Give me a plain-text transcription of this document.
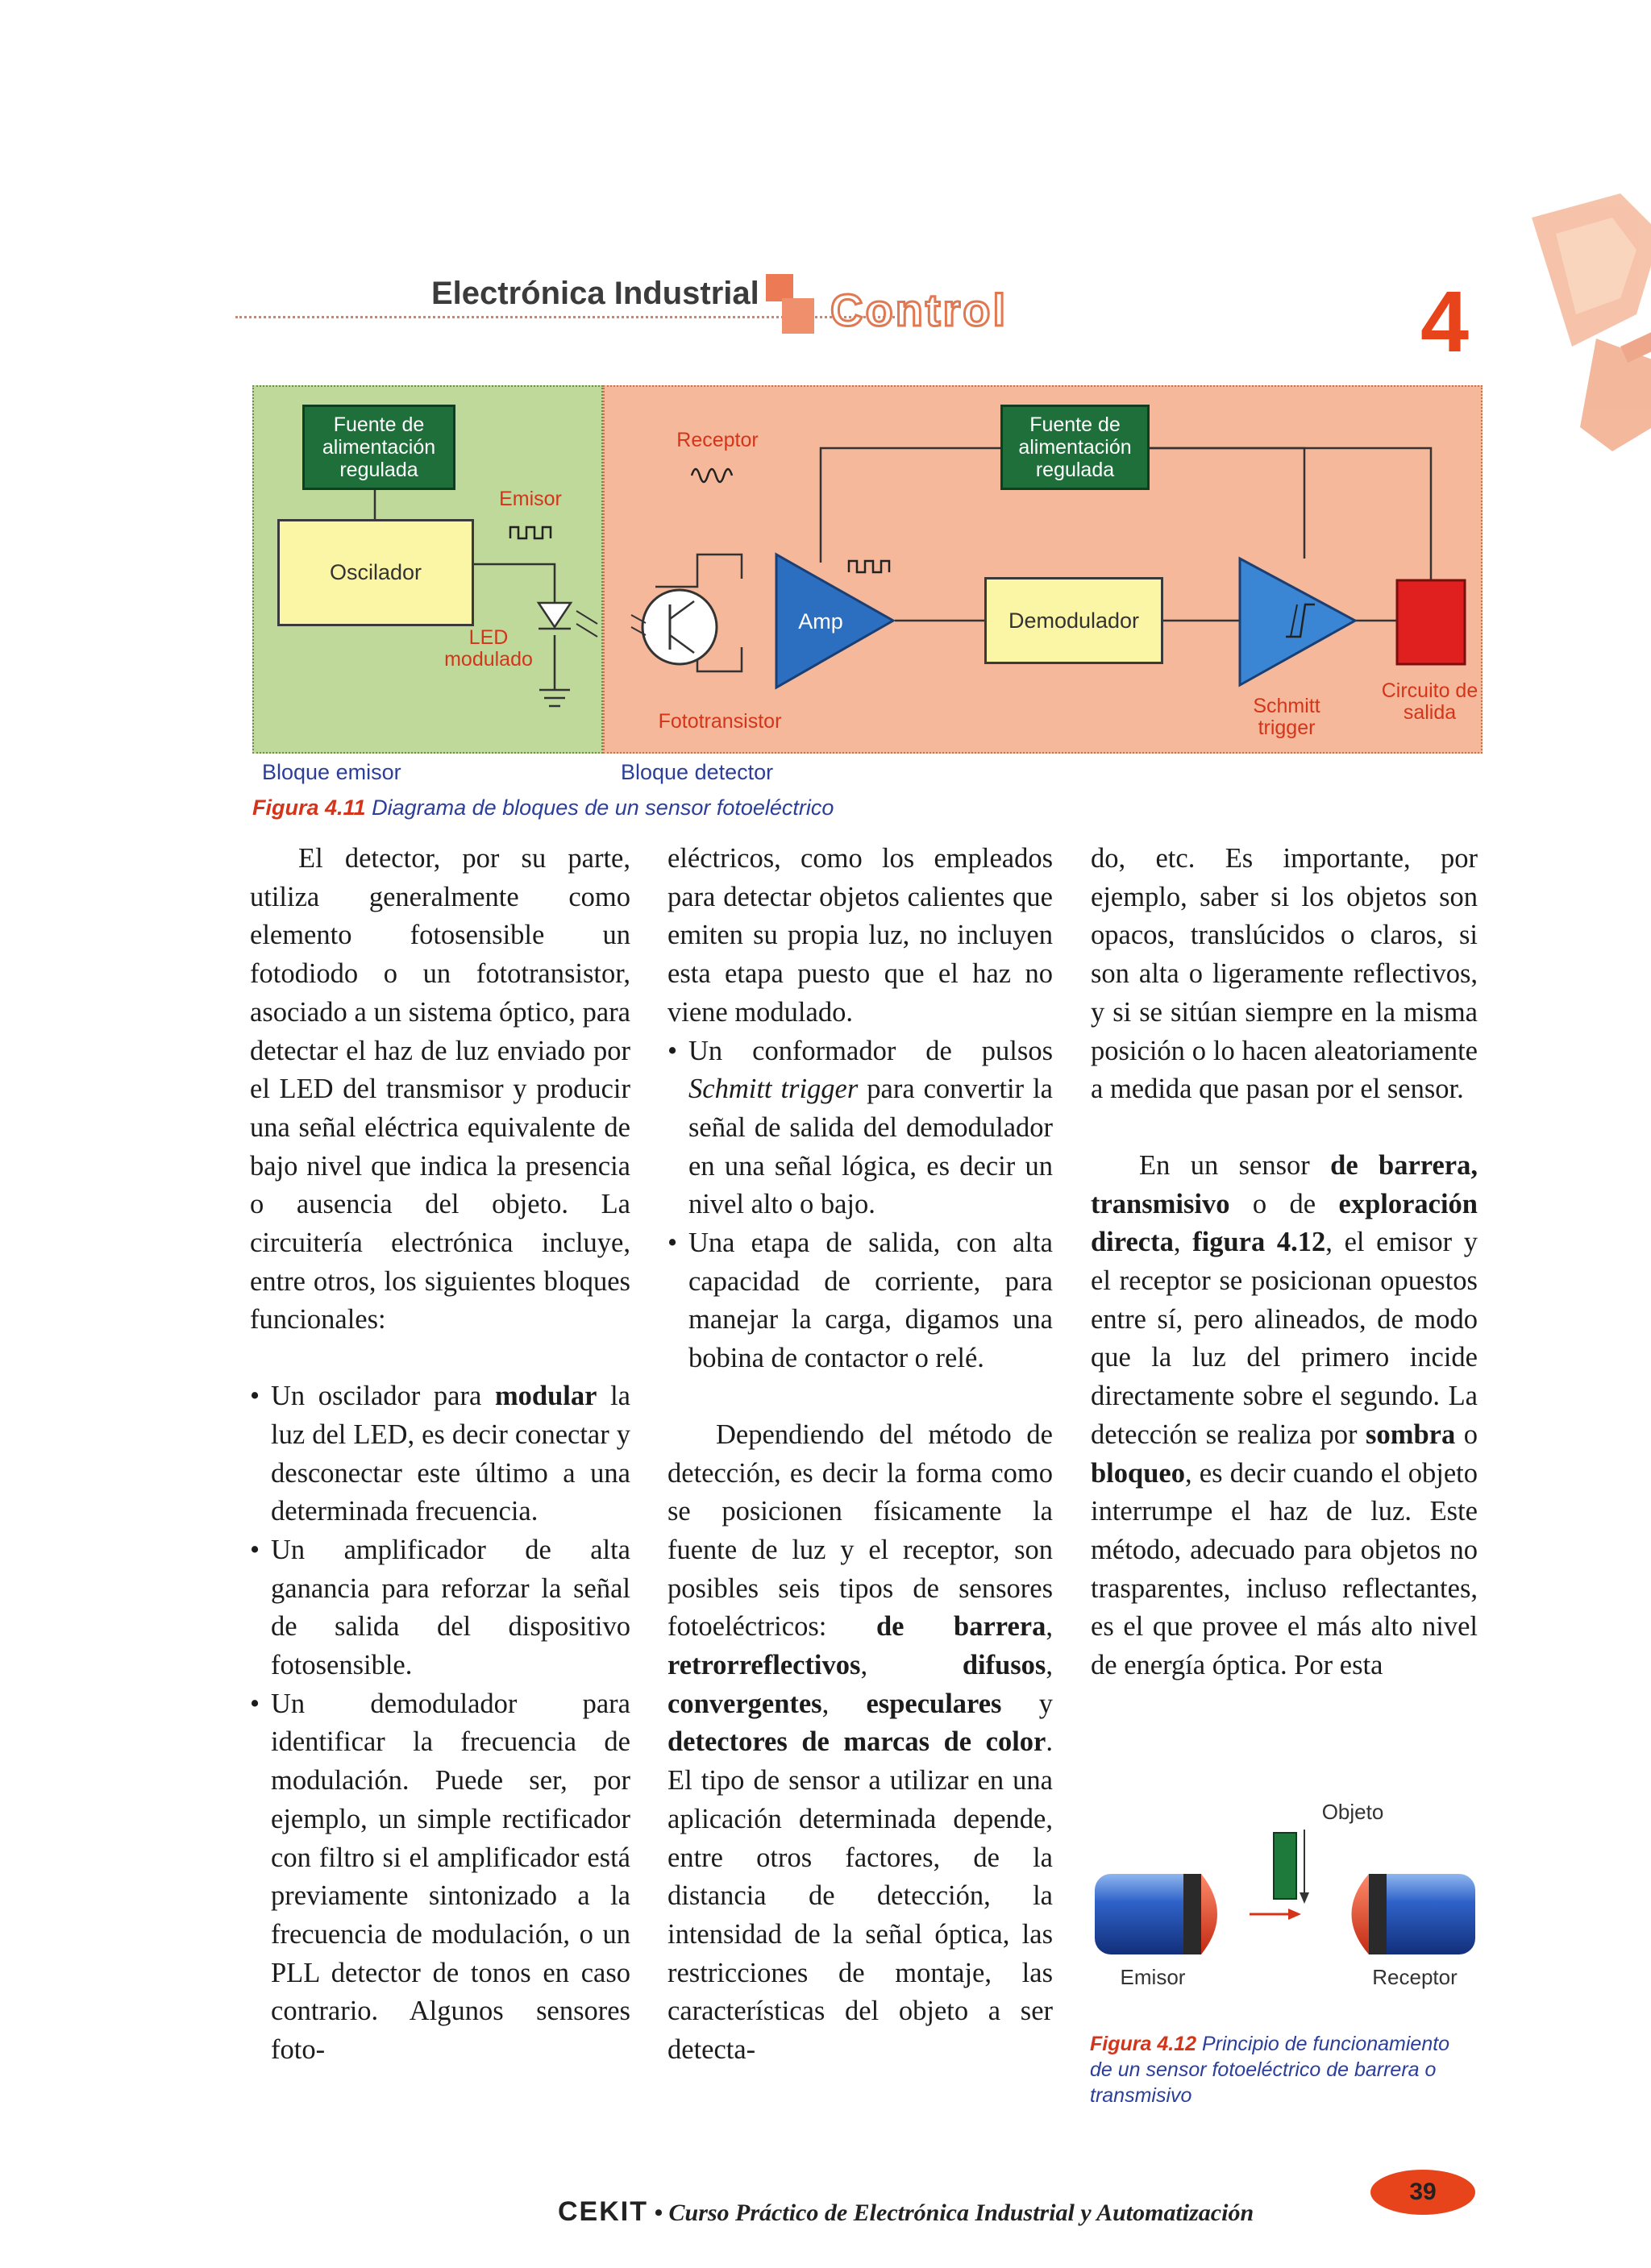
Electrónica Industrial Control	4
Fuente de alimentación regulada
Oscilador
Emisor
LED modulado
Receptor
Fototransistor
Amp
Fuente de alimentación regulada
Demodulador
Schmitt trigger
Circuito de salida
Bloque emisor	Bloque detector
Figura 4.11 Diagrama de bloques de un sensor fotoeléctrico

El detector, por su parte, utiliza generalmente como elemento fotosensible un fotodiodo o un fototransistor, asociado a un sistema óptico, para detectar el haz de luz enviado por el LED del transmisor y producir una señal eléctrica equivalente de bajo nivel que indica la presencia o ausencia del objeto. La circuitería electrónica incluye, entre otros, los siguientes bloques funcionales:

• Un oscilador para modular la luz del LED, es decir conectar y desconectar este último a una determinada frecuencia.
• Un amplificador de alta ganancia para reforzar la señal de salida del dispositivo fotosensible.
• Un demodulador para identificar la frecuencia de modulación. Puede ser, por ejemplo, un simple rectificador con filtro si el amplificador está previamente sintonizado a la frecuencia de modulación, o un PLL detector de tonos en caso contrario. Algunos sensores foto-

eléctricos, como los empleados para detectar objetos calientes que emiten su propia luz, no incluyen esta etapa puesto que el haz no viene modulado.

• Un conformador de pulsos Schmitt trigger para convertir la señal de salida del demodulador en una señal lógica, es decir un nivel alto o bajo.
• Una etapa de salida, con alta capacidad de corriente, para manejar la carga, digamos una bobina de contactor o relé.

Dependiendo del método de detección, es decir la forma como se posicionen físicamente la fuente de luz y el receptor, son posibles seis tipos de sensores fotoeléctricos: de barrera, retrorreflectivos, difusos, convergentes, especulares y detectores de marcas de color. El tipo de sensor a utilizar en una aplicación determinada depende, entre otros factores, de la distancia de detección, la intensidad de la señal óptica, las restricciones de montaje, las características del objeto a ser detecta-

do, etc. Es importante, por ejemplo, saber si los objetos son opacos, translúcidos o claros, si son alta o ligeramente reflectivos, y si se sitúan siempre en la misma posición o lo hacen aleatoriamente a medida que pasan por el sensor.

En un sensor de barrera, transmisivo o de exploración directa, figura 4.12, el emisor y el receptor se posicionan opuestos entre sí, pero alineados, de modo que la luz del primero incide directamente sobre el segundo. La detección se realiza por sombra o bloqueo, es decir cuando el objeto interrumpe el haz de luz. Este método, adecuado para objetos no trasparentes, incluso reflectantes, es el que provee el más alto nivel de energía óptica. Por esta

Objeto
Emisor	Receptor
Figura 4.12 Principio de funcionamiento de un sensor fotoeléctrico de barrera o transmisivo
CEKIT • Curso Práctico de Electrónica Industrial y Automatización
39
